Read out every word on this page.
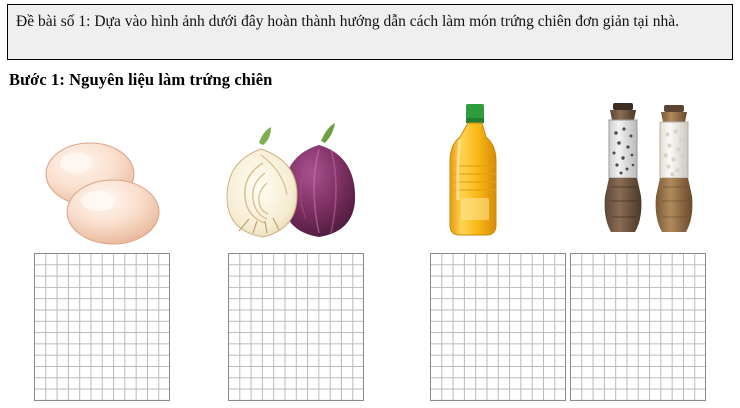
Đề bài số 1: Dựa vào hình ảnh dưới đây hoàn thành hướng dẫn cách làm món trứng chiên đơn giản tại nhà.
Bước 1: Nguyên liệu làm trứng chiên
